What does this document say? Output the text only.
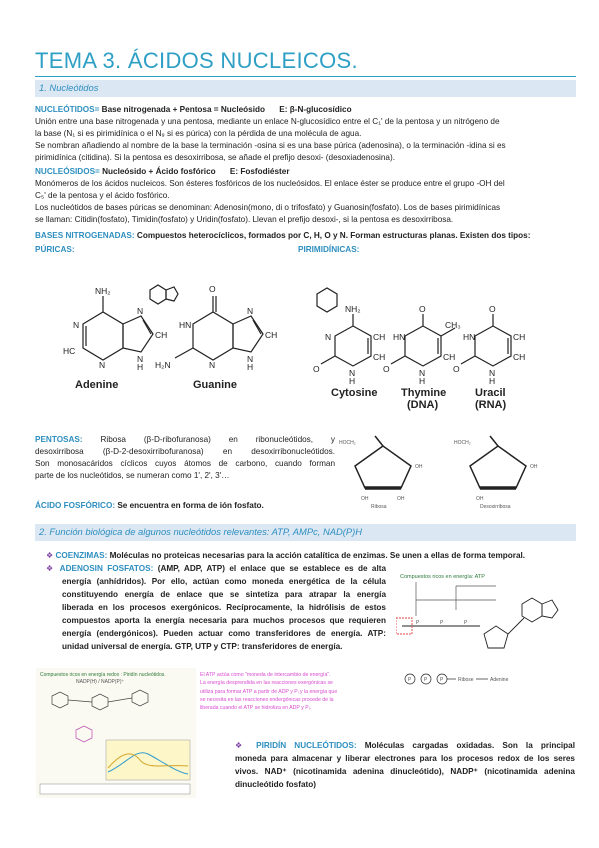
TEMA 3. ÁCIDOS NUCLEICOS.
1. Nucleótidos
NUCLEÓTIDOS= Base nitrogenada + Pentosa = Nucleósido E: β-N-glucosídico
Unión entre una base nitrogenada y una pentosa, mediante un enlace N-glucosídico entre el C₁' de la pentosa y un nitrógeno de
la base (N₁ si es pirimidínica o el N₉ si es púrica) con la pérdida de una molécula de agua.
Se nombran añadiendo al nombre de la base la terminación -osina si es una base púrica (adenosina), o la terminación -idina si es
pirimidínica (citidina). Si la pentosa es desoxirribosa, se añade el prefijo desoxi- (desoxiadenosina).
NUCLEÓSIDOS= Nucleósido + Ácido fosfórico E: Fosfodiéster
Monómeros de los ácidos nucleicos. Son ésteres fosfóricos de los nucleósidos. El enlace éster se produce entre el grupo -OH del
C₅' de la pentosa y el ácido fosfórico.
Los nucleótidos de bases púricas se denominan: Adenosin(mono, di o trifosfato) y Guanosin(fosfato). Los de bases pirimidínicas
se llaman: Citidin(fosfato), Timidin(fosfato) y Uridin(fosfato). Llevan el prefijo desoxi-, si la pentosa es desoxirribosa.
BASES NITROGENADAS: Compuestos heterocíclicos, formados por C, H, O y N. Forman estructuras planas. Existen dos tipos:
PÚRICAS:	PIRIMIDÍNICAS:
NH₂
N
HC
N
N
CH
N
H
O
HN
H₂N	N
N
CH
N
H
Adenine	Guanine
NH₂
N	CH
CH
O	N
H
O
HN
CH₃
CH
O	N
H
O
HN	CH
CH
O	N
H
Cytosine Thymine
(DNA)
Uracil
(RNA)
PENTOSAS: Ribosa (β-D-ribofuranosa) en ribonucleótidos, y
desoxirribosa (β-D-2-desoxirribofuranosa) en desoxirribonucleótidos.
Son monosacáridos cíclicos cuyos átomos de carbono, cuando forman
parte de los nucleótidos, se numeran como 1', 2', 3'…
HOCH₂
OH
OH	OH
HOCH₂
OH
OH
Ribosa	Desoxirribosa
ÁCIDO FOSFÓRICO: Se encuentra en forma de ión fosfato.
2. Función biológica de algunos nucleótidos relevantes: ATP, AMPc, NAD(P)H
❖ COENZIMAS: Moléculas no proteicas necesarias para la acción catalítica de enzimas. Se unen a ellas de forma temporal.
❖ ADENOSIN FOSFATOS: (AMP, ADP, ATP) el enlace que se establece es de alta
energía (anhídridos). Por ello, actúan como moneda energética de la célula
constituyendo energía de enlace que se sintetiza para atrapar la energía
liberada en los procesos exergónicos. Recíprocamente, la hidrólisis de estos
compuestos aporta la energía necesaria para muchos procesos que requieren
energía (endergónicos). Pueden actuar como transferidores de energía. ATP:
unidad universal de energía. GTP, UTP y CTP: transferidores de energía.
Compuestos ricos en energía: ATP
P	P	P
P	P	P	Ribose	Adenine
Compuestos ricos en energía redox : Piridín nucleótidos.
NADP(H) / NADP(P)⁺
El ATP actúa como "moneda de intercambio de energía".
La energía desprendida en las reacciones exergónicas se
utiliza para formar ATP a partir de ADP y Pᵢ y la energía que
se necesita en las reacciones endergónicas procede de la
liberada cuando el ATP se hidroliza en ADP y Pᵢ.
❖ PIRIDÍN NUCLEÓTIDOS: Moléculas cargadas oxidadas. Son la principal
moneda para almacenar y liberar electrones para los procesos redox de los seres
vivos. NAD⁺ (nicotinamida adenina dinucleótido), NADP⁺ (nicotinamida adenina
dinucleótido fosfato)
